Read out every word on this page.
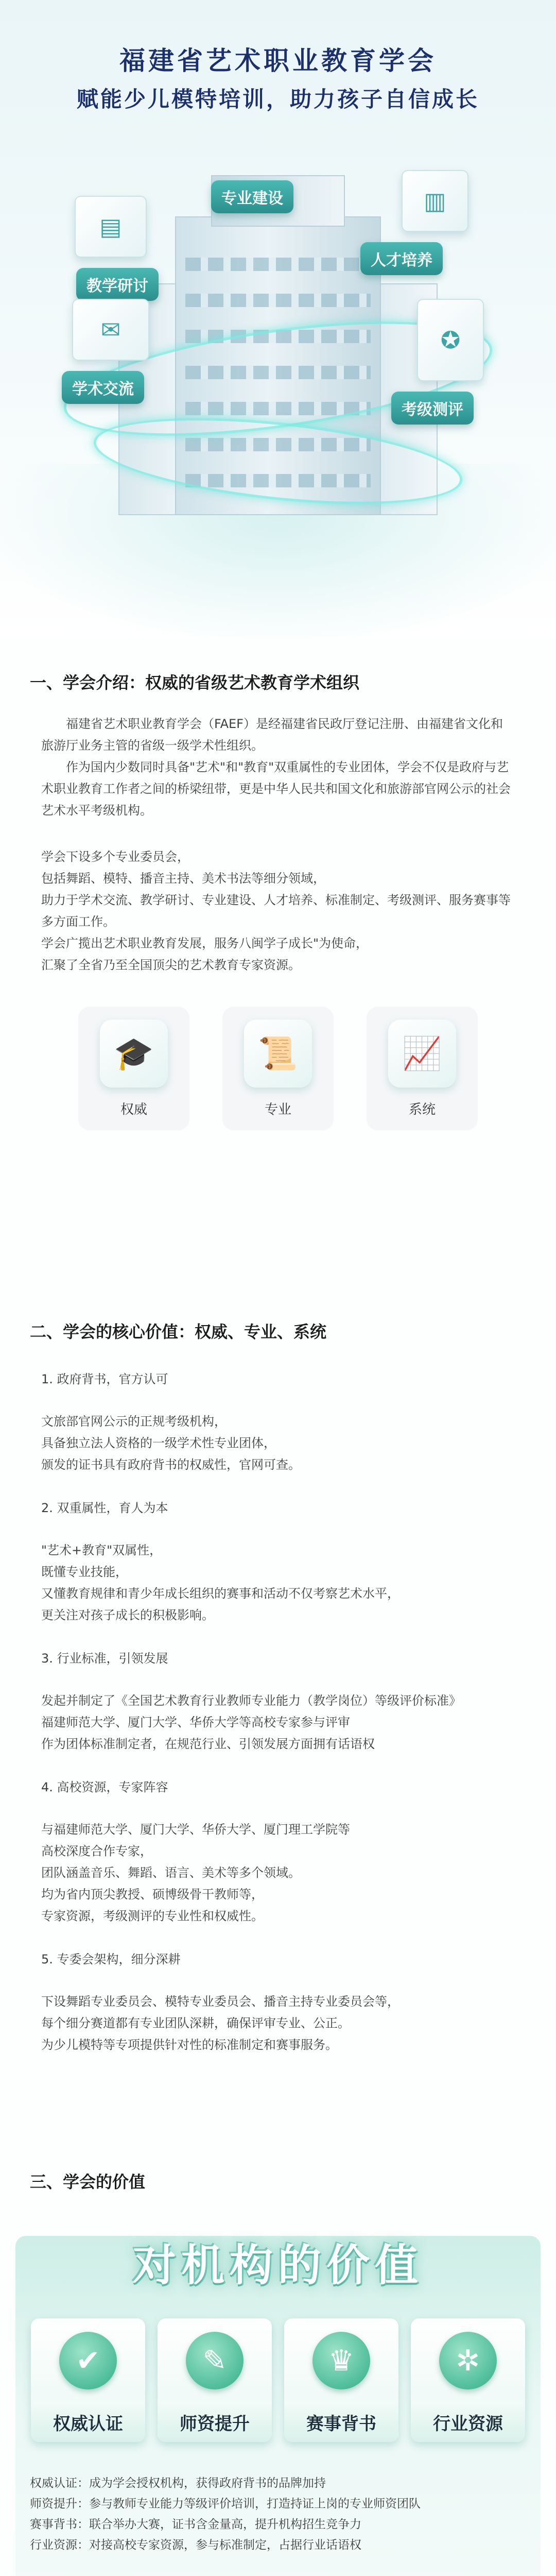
福建省艺术职业教育学会
赋能少儿模特培训，助力孩子自信成长
专业建设
教学研讨
人才培养
学术交流
考级测评
▤
▥
✉	✪
一、学会介绍：权威的省级艺术教育学术组织

福建省艺术职业教育学会（FAEF）是经福建省民政厅登记注册、由福建省文化和旅游厅业务主管的省级一级学术性组织。

作为国内少数同时具备"艺术"和"教育"双重属性的专业团体，学会不仅是政府与艺术职业教育工作者之间的桥梁纽带，更是中华人民共和国文化和旅游部官网公示的社会艺术水平考级机构。

学会下设多个专业委员会，

包括舞蹈、模特、播音主持、美术书法等细分领域，

助力于学术交流、教学研讨、专业建设、人才培养、标准制定、考级测评、服务赛事等多方面工作。

学会广揽出艺术职业教育发展，服务八闽学子成长"为使命，

汇聚了全省乃至全国顶尖的艺术教育专家资源。

🎓
权威
📜
专业
📈
系统
二、学会的核心价值：权威、专业、系统

1. 政府背书，官方认可

文旅部官网公示的正规考级机构，

具备独立法人资格的一级学术性专业团体，

颁发的证书具有政府背书的权威性，官网可查。

2. 双重属性，育人为本

"艺术+教育"双属性，

既懂专业技能，

又懂教育规律和青少年成长组织的赛事和活动不仅考察艺术水平，

更关注对孩子成长的积极影响。

3. 行业标准，引领发展

发起并制定了《全国艺术教育行业教师专业能力（教学岗位）等级评价标准》

福建师范大学、厦门大学、华侨大学等高校专家参与评审

作为团体标准制定者，在规范行业、引领发展方面拥有话语权

4. 高校资源，专家阵容

与福建师范大学、厦门大学、华侨大学、厦门理工学院等

高校深度合作专家，

团队涵盖音乐、舞蹈、语言、美术等多个领域。

均为省内顶尖教授、硕博级骨干教师等，

专家资源，考级测评的专业性和权威性。

5. 专委会架构，细分深耕

下设舞蹈专业委员会、模特专业委员会、播音主持专业委员会等，

每个细分赛道都有专业团队深耕，确保评审专业、公正。

为少儿模特等专项提供针对性的标准制定和赛事服务。

三、学会的价值
对机构的价值
✔
权威认证
✎
师资提升
♛
赛事背书
✲
行业资源

权威认证：成为学会授权机构，获得政府背书的品牌加持

师资提升：参与教师专业能力等级评价培训，打造持证上岗的专业师资团队

赛事背书：联合举办大赛，证书含金量高，提升机构招生竞争力

行业资源：对接高校专家资源，参与标准制定，占据行业话语权
